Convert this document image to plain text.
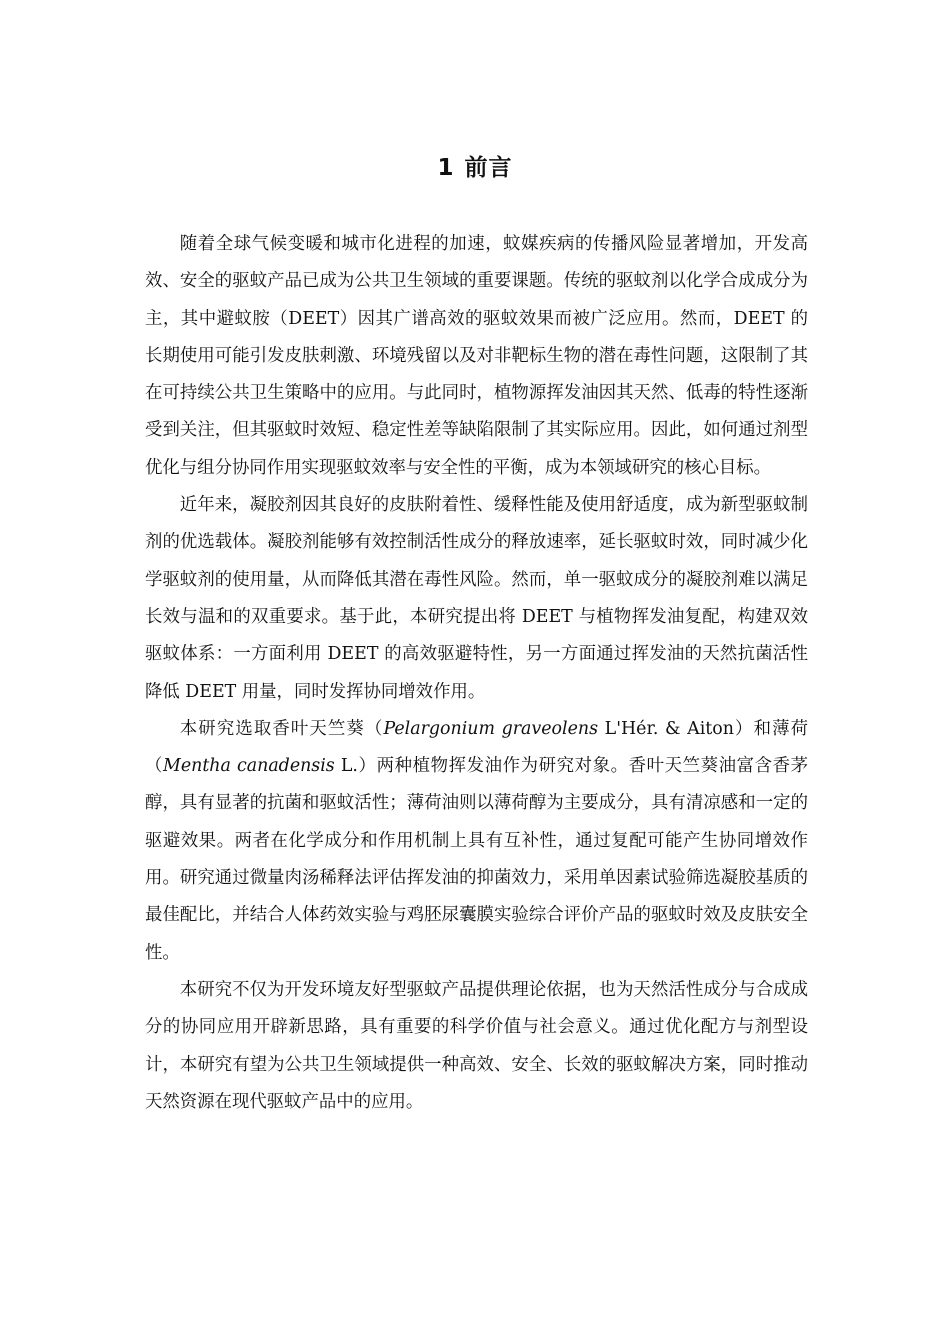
1 前言

随着全球气候变暖和城市化进程的加速，蚊媒疾病的传播风险显著增加，开发高效、安全的驱蚊产品已成为公共卫生领域的重要课题。传统的驱蚊剂以化学合成成分为主，其中避蚊胺（DEET）因其广谱高效的驱蚊效果而被广泛应用。然而，DEET 的长期使用可能引发皮肤刺激、环境残留以及对非靶标生物的潜在毒性问题，这限制了其在可持续公共卫生策略中的应用。与此同时，植物源挥发油因其天然、低毒的特性逐渐受到关注，但其驱蚊时效短、稳定性差等缺陷限制了其实际应用。因此，如何通过剂型优化与组分协同作用实现驱蚊效率与安全性的平衡，成为本领域研究的核心目标。

近年来，凝胶剂因其良好的皮肤附着性、缓释性能及使用舒适度，成为新型驱蚊制剂的优选载体。凝胶剂能够有效控制活性成分的释放速率，延长驱蚊时效，同时减少化学驱蚊剂的使用量，从而降低其潜在毒性风险。然而，单一驱蚊成分的凝胶剂难以满足长效与温和的双重要求。基于此，本研究提出将 DEET 与植物挥发油复配，构建双效驱蚊体系：一方面利用 DEET 的高效驱避特性，另一方面通过挥发油的天然抗菌活性降低 DEET 用量，同时发挥协同增效作用。

本研究选取香叶天竺葵（Pelargonium graveolens L'Hér. & Aiton）和薄荷（Mentha canadensis L.）两种植物挥发油作为研究对象。香叶天竺葵油富含香茅醇，具有显著的抗菌和驱蚊活性；薄荷油则以薄荷醇为主要成分，具有清凉感和一定的驱避效果。两者在化学成分和作用机制上具有互补性，通过复配可能产生协同增效作用。研究通过微量肉汤稀释法评估挥发油的抑菌效力，采用单因素试验筛选凝胶基质的最佳配比，并结合人体药效实验与鸡胚尿囊膜实验综合评价产品的驱蚊时效及皮肤安全性。

本研究不仅为开发环境友好型驱蚊产品提供理论依据，也为天然活性成分与合成成分的协同应用开辟新思路，具有重要的科学价值与社会意义。通过优化配方与剂型设计，本研究有望为公共卫生领域提供一种高效、安全、长效的驱蚊解决方案，同时推动天然资源在现代驱蚊产品中的应用。
